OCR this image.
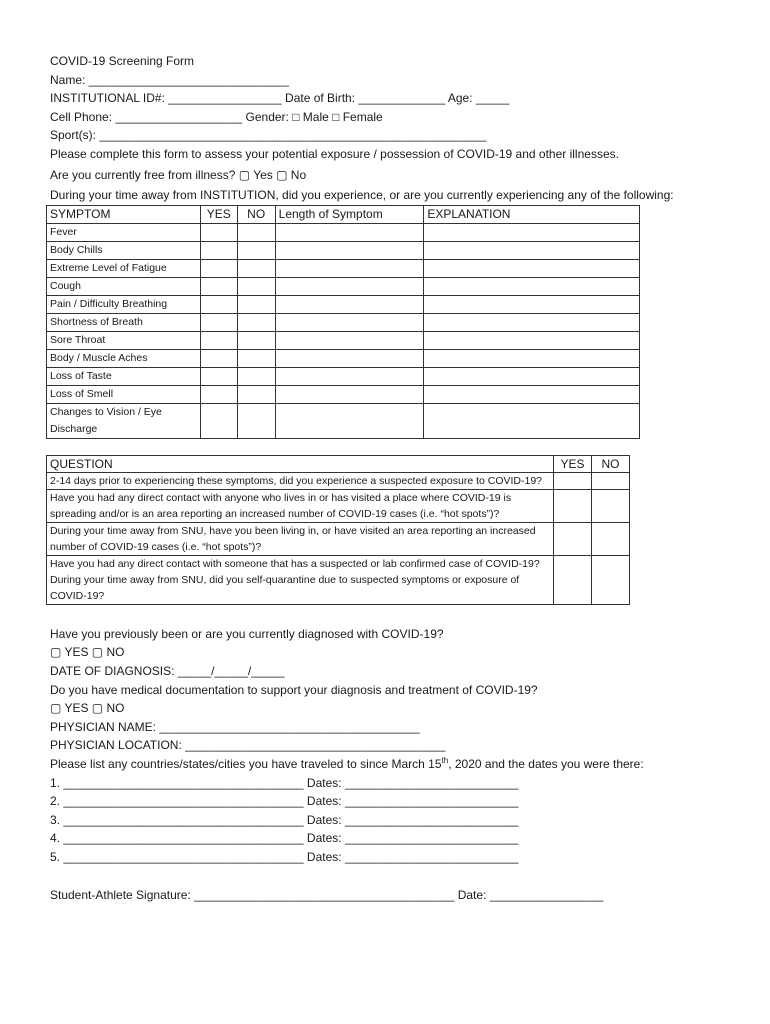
COVID-19 Screening Form
Name: ______________________________
INSTITUTIONAL ID#: _________________ Date of Birth: _____________ Age: _____
Cell Phone: ___________________ Gender: □ Male □ Female
Sport(s): __________________________________________________________
Please complete this form to assess your potential exposure / possession of COVID-19 and other illnesses.
Are you currently free from illness? ▢ Yes ▢ No
During your time away from INSTITUTION, did you experience, or are you currently experiencing any of the following:
SYMPTOM	YES	NO	Length of Symptom	EXPLANATION
Fever				
Body Chills				
Extreme Level of Fatigue				
Cough				
Pain / Difficulty Breathing				
Shortness of Breath				
Sore Throat				
Body / Muscle Aches				
Loss of Taste				
Loss of Smell				
Changes to Vision / Eye Discharge				
QUESTION	YES	NO
2-14 days prior to experiencing these symptoms, did you experience a suspected exposure to COVID-19?		
Have you had any direct contact with anyone who lives in or has visited a place where COVID-19 is spreading and/or is an area reporting an increased number of COVID-19 cases (i.e. “hot spots”)?		
During your time away from SNU, have you been living in, or have visited an area reporting an increased number of COVID-19 cases (i.e. “hot spots”)?		
Have you had any direct contact with someone that has a suspected or lab confirmed case of COVID-19? During your time away from SNU, did you self-quarantine due to suspected symptoms or exposure of COVID-19?		
Have you previously been or are you currently diagnosed with COVID-19?
▢ YES ▢ NO
DATE OF DIAGNOSIS: _____/_____/_____
Do you have medical documentation to support your diagnosis and treatment of COVID-19?
▢ YES ▢ NO
PHYSICIAN NAME: _______________________________________
PHYSICIAN LOCATION: _______________________________________
Please list any countries/states/cities you have traveled to since March 15th, 2020 and the dates you were there:
1. ____________________________________ Dates: __________________________
2. ____________________________________ Dates: __________________________
3. ____________________________________ Dates: __________________________
4. ____________________________________ Dates: __________________________
5. ____________________________________ Dates: __________________________
Student-Athlete Signature: _______________________________________ Date: _________________
